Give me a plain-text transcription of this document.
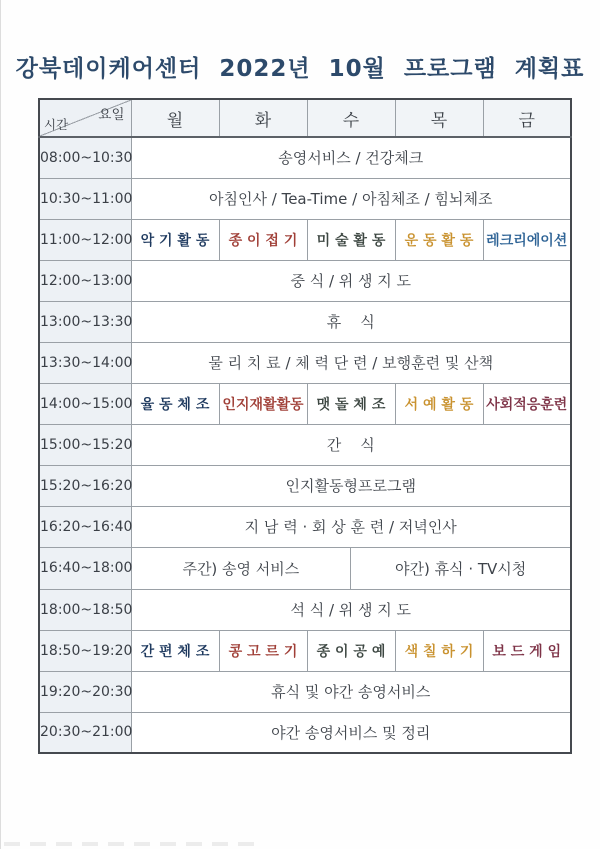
강북데이케어센터 2022년 10월 프로그램 계획표
요일
시간	월	화	수	목	금
08:00~10:30	송영서비스 / 건강체크				
10:30~11:00	아침인사 / Tea-Time / 아침체조 / 힘뇌체조				
11:00~12:00	악 기 활 동	종 이 접 기	미 술 활 동	운 동 활 동	레크리에이션
12:00~13:00	중 식 / 위 생 지 도				
13:00~13:30	휴    식				
13:30~14:00	물 리 치 료 / 체 력 단 련 / 보행훈련 및 산책				
14:00~15:00	율 동 체 조	인지재활활동	맷 돌 체 조	서 예 활 동	사회적응훈련
15:00~15:20	간    식				
15:20~16:20	인지활동형프로그램				
16:20~16:40	지 남 력 · 회 상 훈 련 / 저녁인사				
16:40~18:00	주간) 송영 서비스 야간) 휴식 · TV시청				

18:00~18:50	석 식 / 위 생 지 도				
18:50~19:20	간 편 체 조	콩 고 르 기	종 이 공 예	색 칠 하 기	보 드 게 임
19:20~20:30	휴식 및 야간 송영서비스				
20:30~21:00	야간 송영서비스 및 정리				
